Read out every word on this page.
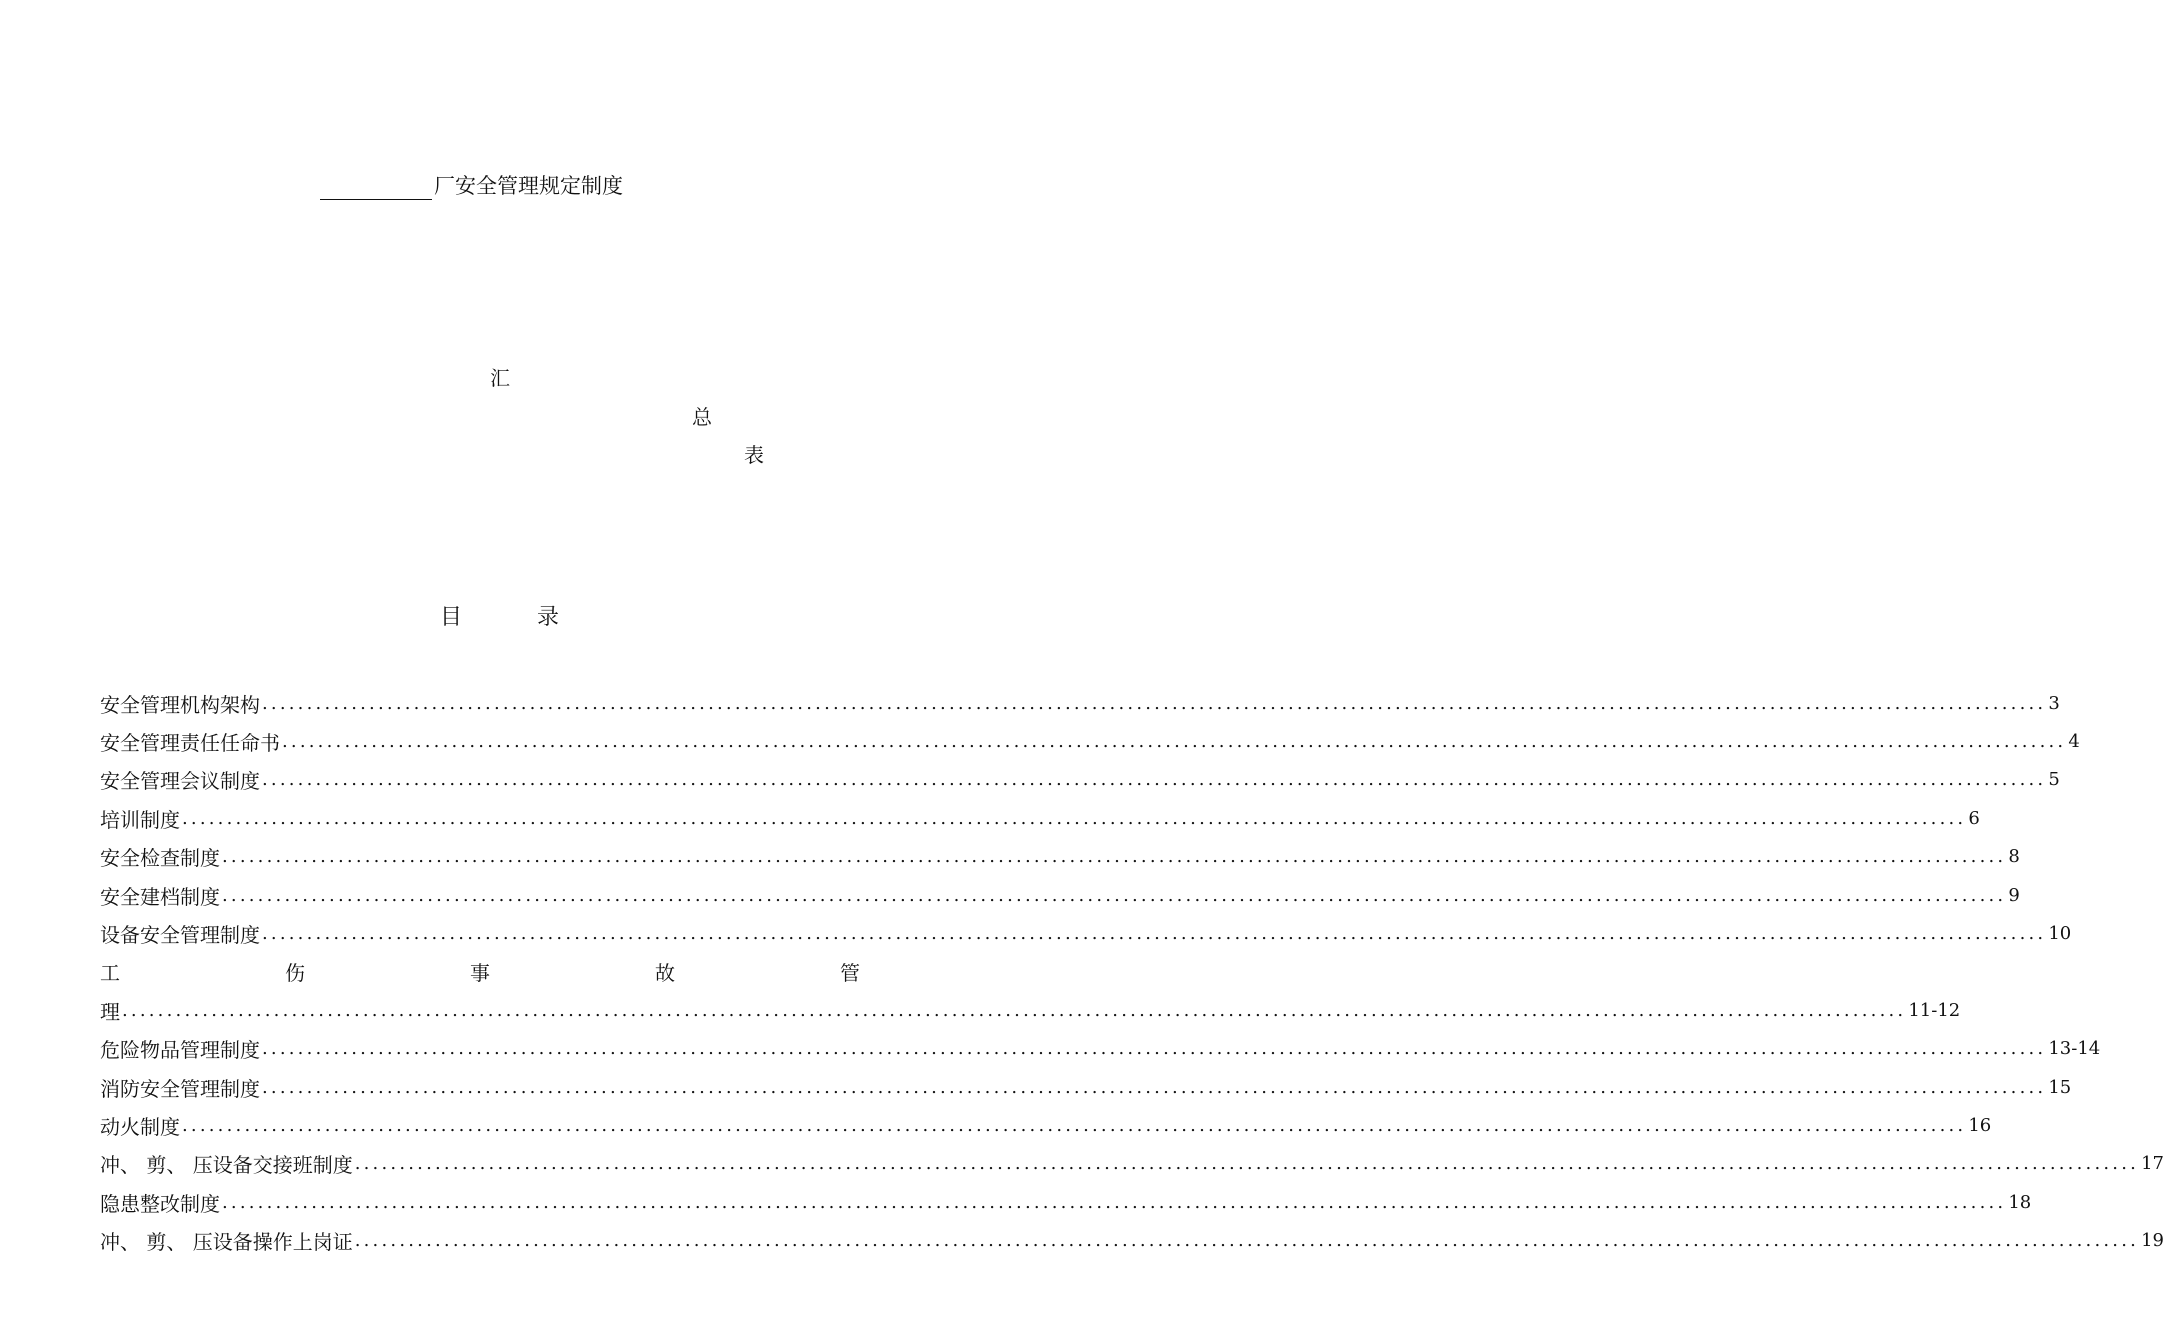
厂安全管理规定制度
汇
总
表
目 录
安全管理机构架构 ........................................................................................................................................................................................................ 3
安全管理责任任命书 ........................................................................................................................................................................................................ 4
安全管理会议制度 ........................................................................................................................................................................................................ 5
培训制度 ........................................................................................................................................................................................................ 6
安全检查制度 ........................................................................................................................................................................................................ 8
安全建档制度 ........................................................................................................................................................................................................ 9
设备安全管理制度 ........................................................................................................................................................................................................ 10
工	伤	事	故	管
理 ........................................................................................................................................................................................................ 11-12
危险物品管理制度 ........................................................................................................................................................................................................ 13-14
消防安全管理制度 ........................................................................................................................................................................................................ 15
动火制度 ........................................................................................................................................................................................................ 16
冲、 剪、 压设备交接班制度 ........................................................................................................................................................................................................ 17
隐患整改制度 ........................................................................................................................................................................................................ 18
冲、 剪、 压设备操作上岗证 ........................................................................................................................................................................................................ 19
